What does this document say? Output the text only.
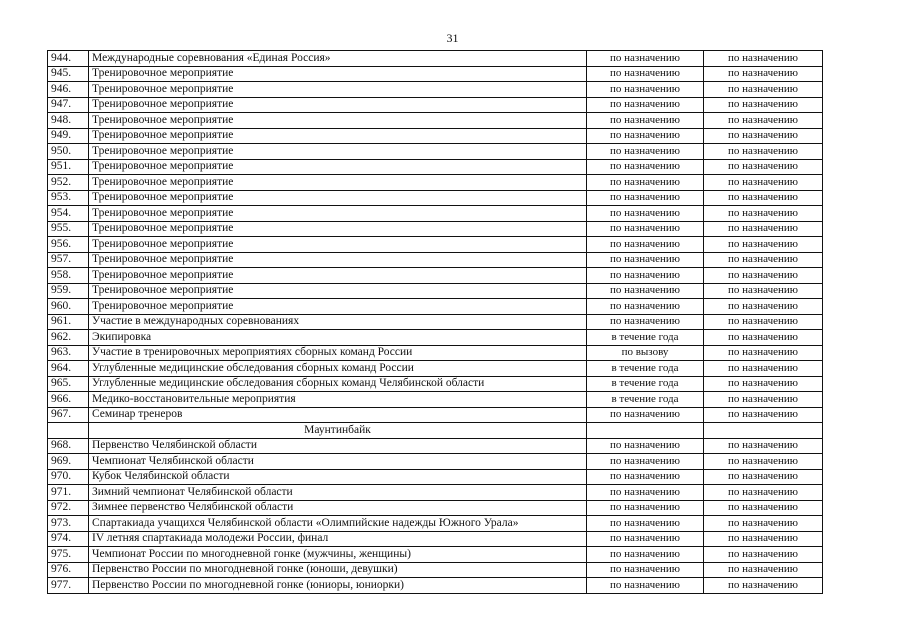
31
944.	Международные соревнования «Единая Россия»	по назначению	по назначению
945.	Тренировочное мероприятие	по назначению	по назначению
946.	Тренировочное мероприятие	по назначению	по назначению
947.	Тренировочное мероприятие	по назначению	по назначению
948.	Тренировочное мероприятие	по назначению	по назначению
949.	Тренировочное мероприятие	по назначению	по назначению
950.	Тренировочное мероприятие	по назначению	по назначению
951.	Тренировочное мероприятие	по назначению	по назначению
952.	Тренировочное мероприятие	по назначению	по назначению
953.	Тренировочное мероприятие	по назначению	по назначению
954.	Тренировочное мероприятие	по назначению	по назначению
955.	Тренировочное мероприятие	по назначению	по назначению
956.	Тренировочное мероприятие	по назначению	по назначению
957.	Тренировочное мероприятие	по назначению	по назначению
958.	Тренировочное мероприятие	по назначению	по назначению
959.	Тренировочное мероприятие	по назначению	по назначению
960.	Тренировочное мероприятие	по назначению	по назначению
961.	Участие в международных соревнованиях	по назначению	по назначению
962.	Экипировка	в течение года	по назначению
963.	Участие в тренировочных мероприятиях сборных команд России	по вызову	по назначению
964.	Углубленные медицинские обследования сборных команд России	в течение года	по назначению
965.	Углубленные медицинские обследования сборных команд Челябинской области	в течение года	по назначению
966.	Медико-восстановительные мероприятия	в течение года	по назначению
967.	Семинар тренеров	по назначению	по назначению
	Маунтинбайк		
968.	Первенство Челябинской области	по назначению	по назначению
969.	Чемпионат Челябинской области	по назначению	по назначению
970.	Кубок Челябинской области	по назначению	по назначению
971.	Зимний чемпионат Челябинской области	по назначению	по назначению
972.	Зимнее первенство Челябинской области	по назначению	по назначению
973.	Спартакиада учащихся Челябинской области «Олимпийские надежды Южного Урала»	по назначению	по назначению
974.	IV летняя спартакиада молодежи России, финал	по назначению	по назначению
975.	Чемпионат России по многодневной гонке (мужчины, женщины)	по назначению	по назначению
976.	Первенство России по многодневной гонке (юноши, девушки)	по назначению	по назначению
977.	Первенство России по многодневной гонке (юниоры, юниорки)	по назначению	по назначению
